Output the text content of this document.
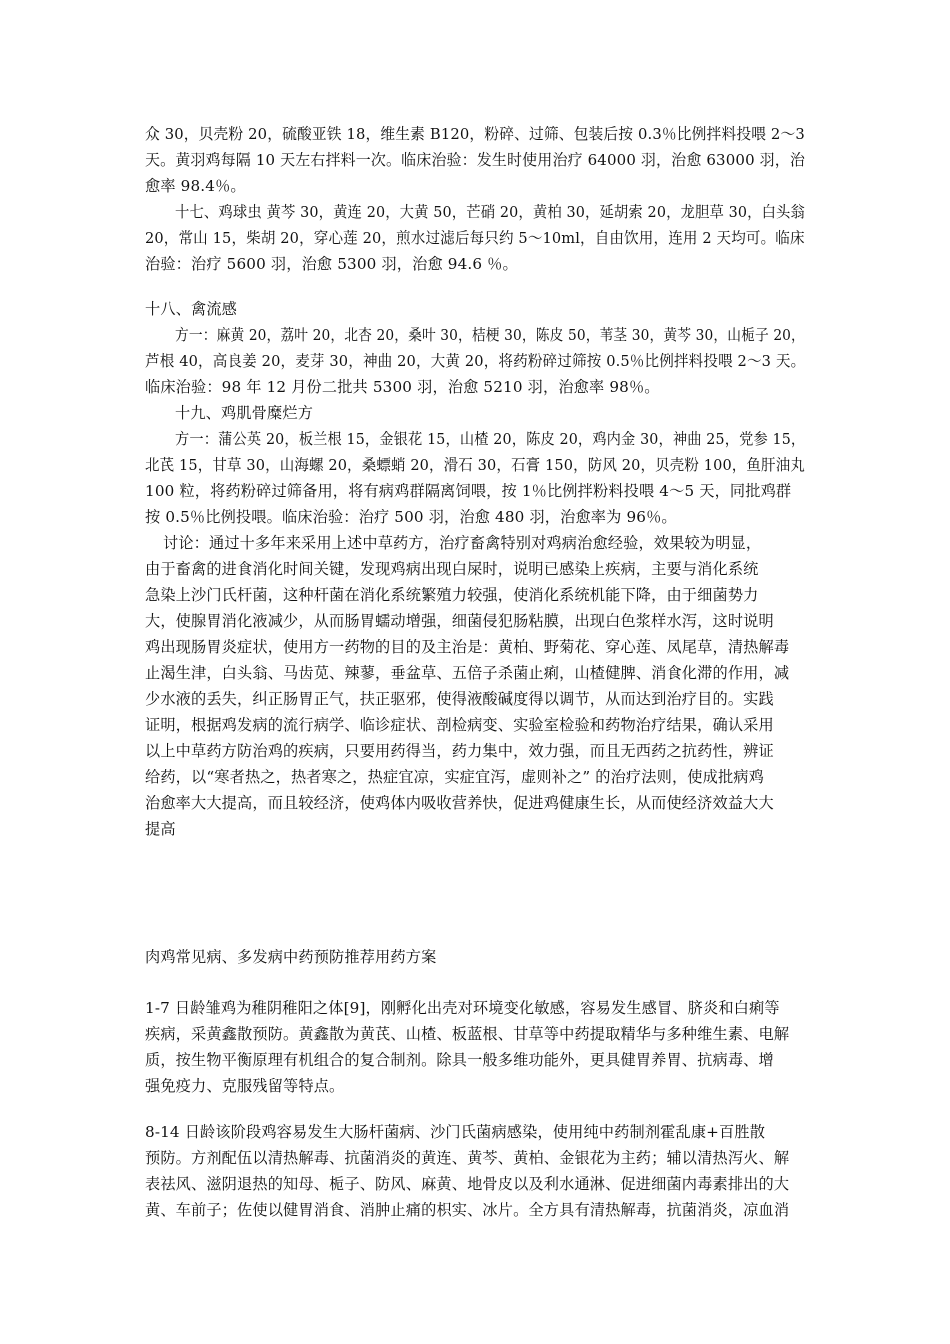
众 30，贝壳粉 20，硫酸亚铁 18，维生素 B120，粉碎、过筛、包装后按 0.3％比例拌料投喂 2～3
天。黄羽鸡每隔 10 天左右拌料一次。临床治验：发生时使用治疗 64000 羽，治愈 63000 羽，治
愈率 98.4％。
十七、鸡球虫 黄芩 30，黄连 20，大黄 50，芒硝 20，黄柏 30，延胡索 20，龙胆草 30，白头翁
20，常山 15，柴胡 20，穿心莲 20，煎水过滤后每只约 5～10ml，自由饮用，连用 2 天均可。临床
治验：治疗 5600 羽，治愈 5300 羽，治愈 94.6 ％。
十八、禽流感
方一：麻黄 20，荔叶 20，北杏 20，桑叶 30，桔梗 30，陈皮 50，苇茎 30，黄芩 30，山栀子 20，
芦根 40，高良姜 20，麦芽 30，神曲 20，大黄 20，将药粉碎过筛按 0.5％比例拌料投喂 2～3 天。
临床治验：98 年 12 月份二批共 5300 羽，治愈 5210 羽，治愈率 98％。
十九、鸡肌骨糜烂方
方一：蒲公英 20，板兰根 15，金银花 15，山楂 20，陈皮 20，鸡内金 30，神曲 25，党参 15，
北芪 15，甘草 30，山海螺 20，桑螵蛸 20，滑石 30，石膏 150，防风 20，贝壳粉 100，鱼肝油丸
100 粒，将药粉碎过筛备用，将有病鸡群隔离饲喂，按 1％比例拌粉料投喂 4～5 天，同批鸡群
按 0.5％比例投喂。临床治验：治疗 500 羽，治愈 480 羽，治愈率为 96％。
讨论：通过十多年来采用上述中草药方，治疗畜禽特别对鸡病治愈经验，效果较为明显，
由于畜禽的进食消化时间关键，发现鸡病出现白屎时，说明已感染上疾病，主要与消化系统
急染上沙门氏杆菌，这种杆菌在消化系统繁殖力较强，使消化系统机能下降，由于细菌势力
大，使腺胃消化液减少，从而肠胃蠕动增强，细菌侵犯肠粘膜，出现白色浆样水泻，这时说明
鸡出现肠胃炎症状，使用方一药物的目的及主治是：黄柏、野菊花、穿心莲、凤尾草，清热解毒
止渴生津，白头翁、马齿苋、辣蓼，垂盆草、五倍子杀菌止痢，山楂健脾、消食化滞的作用，减
少水液的丢失，纠正肠胃正气，扶正驱邪，使得液酸碱度得以调节，从而达到治疗目的。实践
证明，根据鸡发病的流行病学、临诊症状、剖检病变、实验室检验和药物治疗结果，确认采用
以上中草药方防治鸡的疾病，只要用药得当，药力集中，效力强，而且无西药之抗药性，辨证
给药，以“寒者热之，热者寒之，热症宜凉，实症宜泻，虚则补之” 的治疗法则，使成批病鸡
治愈率大大提高，而且较经济，使鸡体内吸收营养快，促进鸡健康生长，从而使经济效益大大
提高
肉鸡常见病、多发病中药预防推荐用药方案
1-7 日龄雏鸡为稚阴稚阳之体[9]，刚孵化出壳对环境变化敏感，容易发生感冒、脐炎和白痢等
疾病，采黄鑫散预防。黄鑫散为黄芪、山楂、板蓝根、甘草等中药提取精华与多种维生素、电解
质，按生物平衡原理有机组合的复合制剂。除具一般多维功能外，更具健胃养胃、抗病毒、增
强免疫力、克服残留等特点。
8-14 日龄该阶段鸡容易发生大肠杆菌病、沙门氏菌病感染，使用纯中药制剂霍乱康+百胜散
预防。方剂配伍以清热解毒、抗菌消炎的黄连、黄芩、黄柏、金银花为主药；辅以清热泻火、解
表祛风、滋阴退热的知母、栀子、防风、麻黄、地骨皮以及利水通淋、促进细菌内毒素排出的大
黄、车前子；佐使以健胃消食、消肿止痛的枳实、冰片。全方具有清热解毒，抗菌消炎，凉血消
